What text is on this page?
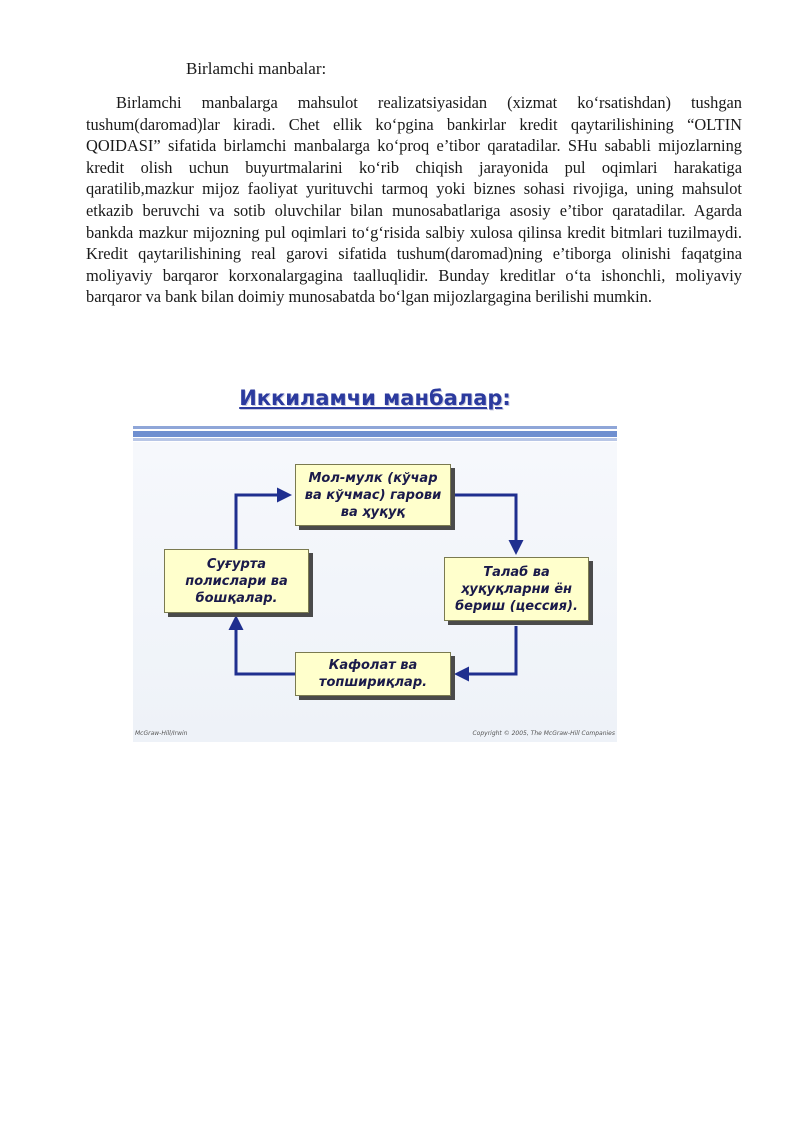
Birlamchi manbalar:

Birlamchi manbalarga mahsulot realizatsiyasidan (xizmat ko‘rsatishdan) tushgan tushum(daromad)lar kiradi. Chet ellik ko‘pgina bankirlar kredit qaytarilishining “OLTIN QOIDASI” sifatida birlamchi manbalarga ko‘proq e’tibor qaratadilar. SHu sababli mijozlarning kredit olish uchun buyurtmalarini ko‘rib chiqish jarayonida pul oqimlari harakatiga qaratilib,mazkur mijoz faoliyat yurituvchi tarmoq yoki biznes sohasi rivojiga, uning mahsulot etkazib beruvchi va sotib oluvchilar bilan munosabatlariga asosiy e’tibor qaratadilar. Agarda bankda mazkur mijozning pul oqimlari to‘g‘risida salbiy xulosa qilinsa kredit bitmlari tuzilmaydi. Kredit qaytarilishining real garovi sifatida tushum(daromad)ning e’tiborga olinishi faqatgina moliyaviy barqaror korxonalargagina taalluqlidir. Bunday kreditlar o‘ta ishonchli, moliyaviy barqaror va bank bilan doimiy munosabatda bo‘lgan mijozlargagina berilishi mumkin.

Иккиламчи манбалар:
Мол-мулк (кўчар ва кўчмас) гарови ва ҳуқуқ
Суғурта полислари ва бошқалар.
Талаб ва ҳуқуқларни ён бериш (цессия).
Кафолат ва топшириқлар.
McGraw-Hill/Irwin	Copyright © 2005, The McGraw-Hill Companies
